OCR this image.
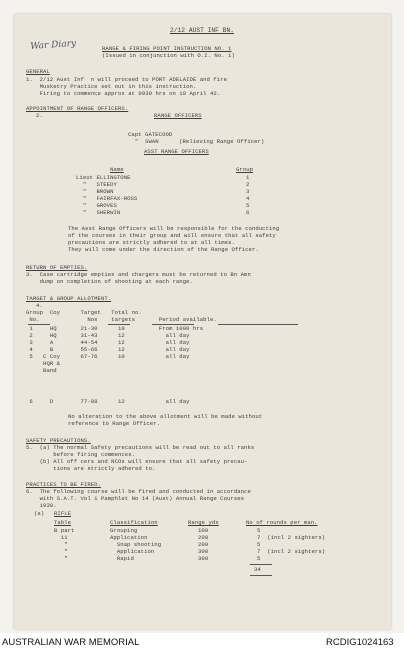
War Diary
2/12 AUST INF BN.
RANGE & FIRING POINT INSTRUCTION NO. 1
(Issued in conjunction with O.I. No. 1)
GENERAL
1.  2/12 Aust Inf  n will proceed to PORT ADELAIDE and fire
Musketry Practice set out in this instruction.
Firing to commence approx at 0930 hrs on 10 April 42.
APPOINTMENT OF RANGE OFFICERS.
2.	RANGE OFFICERS
Capt GATECOOD
"  SWAN      (Relieving Range Officer)
ASST RANGE OFFICERS
Name	Group
Lieut ELLINGTONE	1
"   STEEDY	2
"   BROWN	3
"   FAIRFAX-ROSS	4
"   GROVES	5
"   SHERWIN	6
The Asst Range Officers will be responsible for the conducting
of the courses in their group and will ensure that all safety
precautions are strictly adhered to at all times.
They will come under the direction of the Range Officer.
RETURN OF EMPTIES.
3.  Case cartridge empties and chargers must be returned to Bn Amn
dump on completion of shooting at each range.
TARGET & GROUP ALLOTMENT.
4.
Group  Coy      Target   Total no.
No.              Nos    targets       Period available.
1     HQ       21-30      10          From 1000 hrs
2     HQ       31-43      12            all day
3     A        44-54      12            all day
4     B        55-66      12            all day
5   C Coy      67-76      10            all day
HQR &
Band
6     D        77-88      12            all day
No alteration to the above allotment will be made without
reference to Range Officer.
SAFETY PRECAUTIONS.
5.  (a) The normal Safety precautions will be read out to all ranks
before firing commences.
(b) All off cers and NCOs will ensure that all safety precau-
tions are strictly adhered to.
PRACTICES TO BE FIRED.
6.  The following course will be fired and conducted in accordance
with S.A.T. Vol 1 Pamphlet No 14 (Aust) Annual Range Courses
1939.
(a) RIFLE
Table	Classification	Range yds	No of rounds per man.
B part	Grouping	100	5
11	Application	200	7  (incl 2 sighters)
"	Snap shooting	200	5
"	Application	300	7  (incl 2 sighters)
"	Rapid	300	5
34
AUSTRALIAN WAR MEMORIAL	RCDIG1024163
